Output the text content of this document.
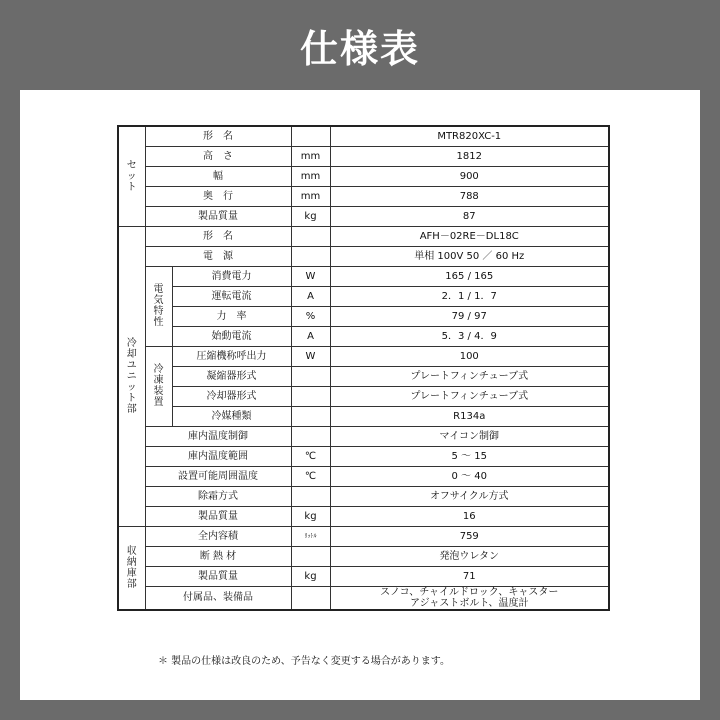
仕様表
セット	形　名			MTR820XC-1
	高　さ		mm	1812
	幅		mm	900
	奥　行		mm	788
	製品質量		kg	87
冷却ユニット部	形　名			AFH－02RE－DL18C
	電　源			単相 100V 50 ／ 60 Hz
	電気特性	消費電力	W	165 / 165
		運転電流	A	2．1 / 1．7
		力　率	%	79 / 97
		始動電流	A	5．3 / 4．9
	冷凍装置	圧縮機称呼出力	W	100
		凝縮器形式		プレートフィンチューブ式
		冷却器形式		プレートフィンチューブ式
		冷媒種類		R134a
	庫内温度制御			マイコン制御
	庫内温度範囲		℃	5 ～ 15
	設置可能周囲温度		℃	0 ～ 40
	除霜方式			オフサイクル方式
	製品質量		kg	16
収納庫部	全内容積		ﾘｯﾄﾙ	759
	断 熱 材			発泡ウレタン
	製品質量		kg	71
	付属品、装備品			スノコ、チャイルドロック、キャスター
アジャストボルト、温度計
＊ 製品の仕様は改良のため、予告なく変更する場合があります。
